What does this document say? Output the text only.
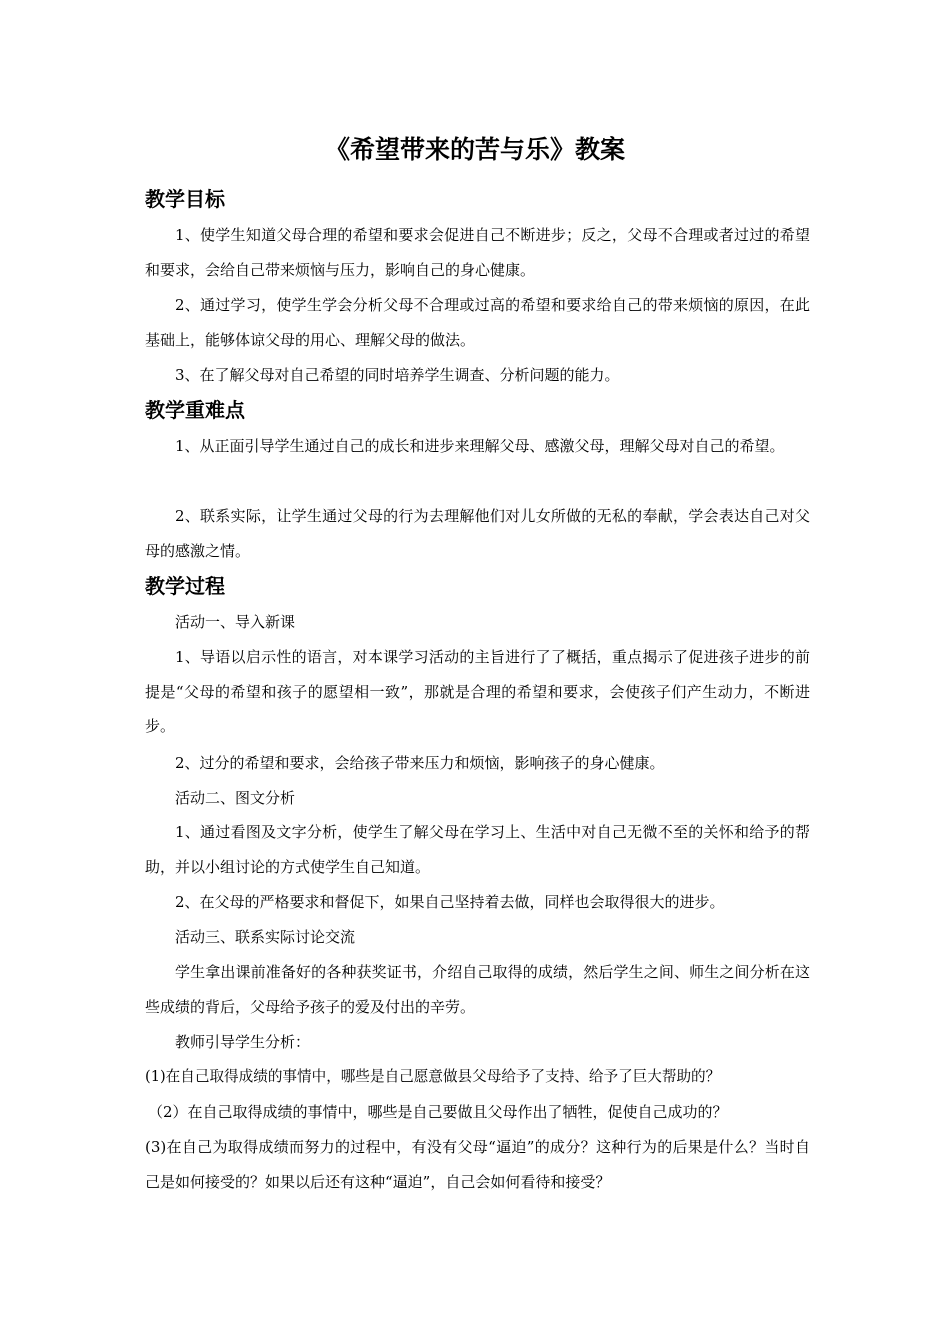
《希望带来的苦与乐》教案
教学目标
1、使学生知道父母合理的希望和要求会促进自己不断进步；反之，父母不合理或者过过的希望和要求，会给自己带来烦恼与压力，影响自己的身心健康。
2、通过学习，使学生学会分析父母不合理或过高的希望和要求给自己的带来烦恼的原因，在此基础上，能够体谅父母的用心、理解父母的做法。
3、在了解父母对自己希望的同时培养学生调查、分析问题的能力。
教学重难点
1、从正面引导学生通过自己的成长和进步来理解父母、感激父母，理解父母对自己的希望。
2、联系实际，让学生通过父母的行为去理解他们对儿女所做的无私的奉献，学会表达自己对父母的感激之情。
教学过程
活动一、导入新课
1、导语以启示性的语言，对本课学习活动的主旨进行了了概括，重点揭示了促进孩子进步的前提是“父母的希望和孩子的愿望相一致”，那就是合理的希望和要求，会使孩子们产生动力，不断进步。
2、过分的希望和要求，会给孩子带来压力和烦恼，影响孩子的身心健康。
活动二、图文分析
1、通过看图及文字分析，使学生了解父母在学习上、生活中对自己无微不至的关怀和给予的帮助，并以小组讨论的方式使学生自己知道。
2、在父母的严格要求和督促下，如果自己坚持着去做，同样也会取得很大的进步。
活动三、联系实际讨论交流
学生拿出课前准备好的各种获奖证书，介绍自己取得的成绩，然后学生之间、师生之间分析在这些成绩的背后，父母给予孩子的爱及付出的辛劳。
教师引导学生分析：
(1)在自己取得成绩的事情中，哪些是自己愿意做县父母给予了支持、给予了巨大帮助的？
（2）在自己取得成绩的事情中，哪些是自己要做且父母作出了牺牲，促使自己成功的？
(3)在自己为取得成绩而努力的过程中，有没有父母“逼迫”的成分？这种行为的后果是什么？当时自己是如何接受的？如果以后还有这种“逼迫”，自己会如何看待和接受？
